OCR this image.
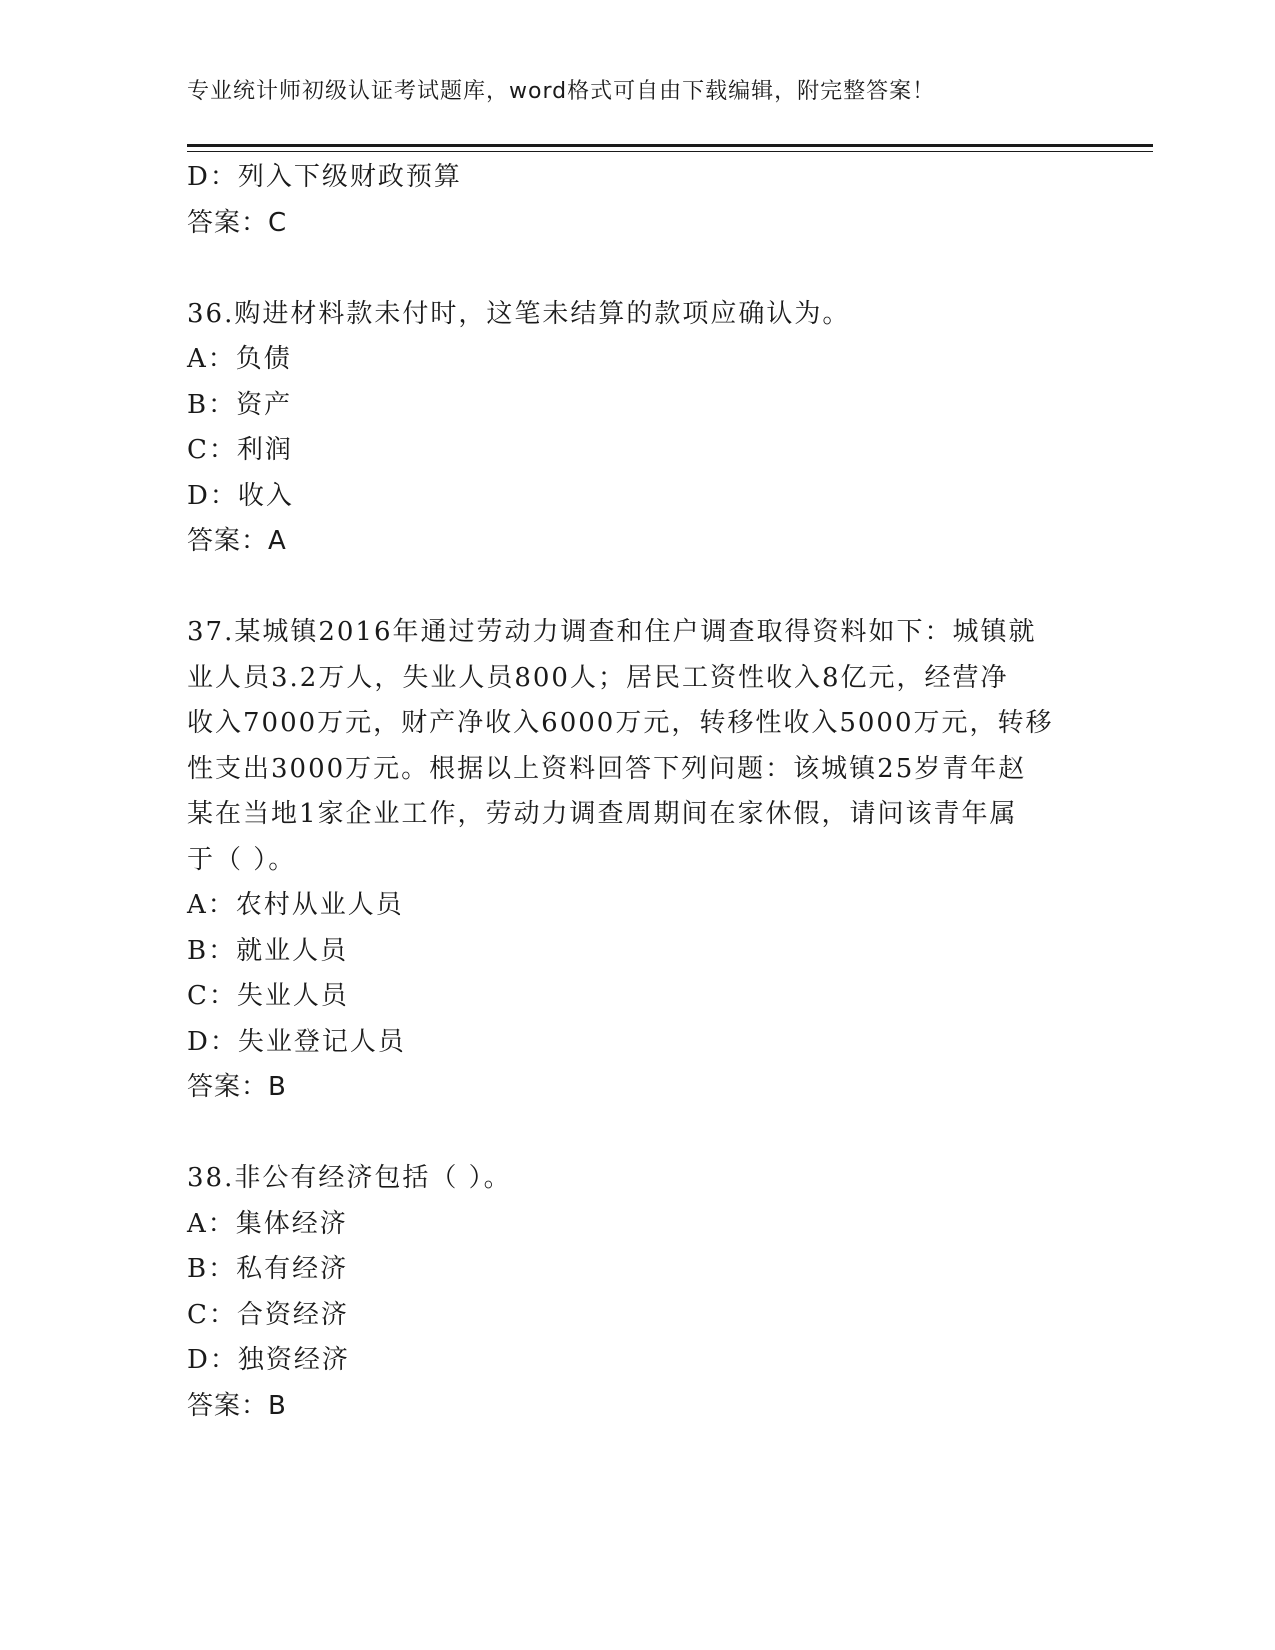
专业统计师初级认证考试题库，word格式可自由下载编辑，附完整答案！
D：列入下级财政预算
答案：C
36.购进材料款未付时，这笔未结算的款项应确认为。
A：负债
B：资产
C：利润
D：收入
答案：A
37.某城镇2016年通过劳动力调查和住户调查取得资料如下：城镇就
业人员3.2万人，失业人员800人；居民工资性收入8亿元，经营净
收入7000万元，财产净收入6000万元，转移性收入5000万元，转移
性支出3000万元。根据以上资料回答下列问题：该城镇25岁青年赵
某在当地1家企业工作，劳动力调查周期间在家休假，请问该青年属
于（ ）。
A：农村从业人员
B：就业人员
C：失业人员
D：失业登记人员
答案：B
38.非公有经济包括（ ）。
A：集体经济
B：私有经济
C：合资经济
D：独资经济
答案：B
